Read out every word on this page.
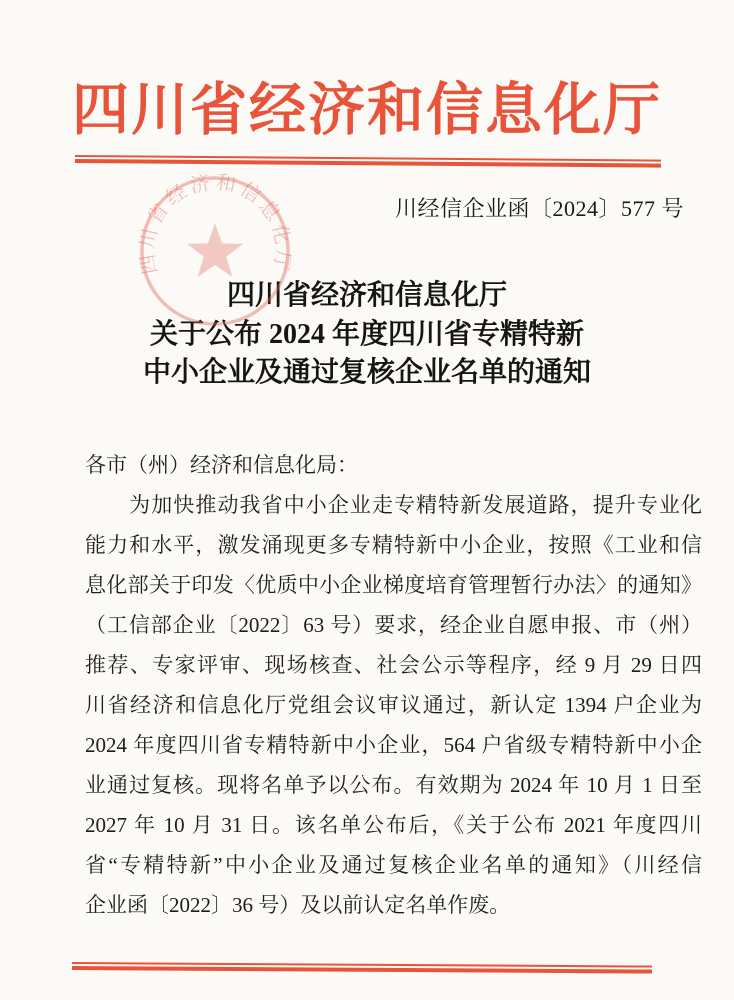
四川省经济和信息化厅
川经信企业函〔2024〕577 号
四川省经济和信息化厅
四川省经济和信息化厅
关于公布 2024 年度四川省专精特新
中小企业及通过复核企业名单的通知
各市（州）经济和信息化局：
　　为加快推动我省中小企业走专精特新发展道路，提升专业化
能力和水平，激发涌现更多专精特新中小企业，按照《工业和信
息化部关于印发〈优质中小企业梯度培育管理暂行办法〉的通知》
（工信部企业〔2022〕63 号）要求，经企业自愿申报、市（州）
推荐、专家评审、现场核查、社会公示等程序，经 9 月 29 日四
川省经济和信息化厅党组会议审议通过，新认定 1394 户企业为
2024 年度四川省专精特新中小企业，564 户省级专精特新中小企
业通过复核。现将名单予以公布。有效期为 2024 年 10 月 1 日至
2027 年 10 月 31 日。该名单公布后，《关于公布 2021 年度四川
省“专精特新”中小企业及通过复核企业名单的通知》（川经信
企业函〔2022〕36 号）及以前认定名单作废。
